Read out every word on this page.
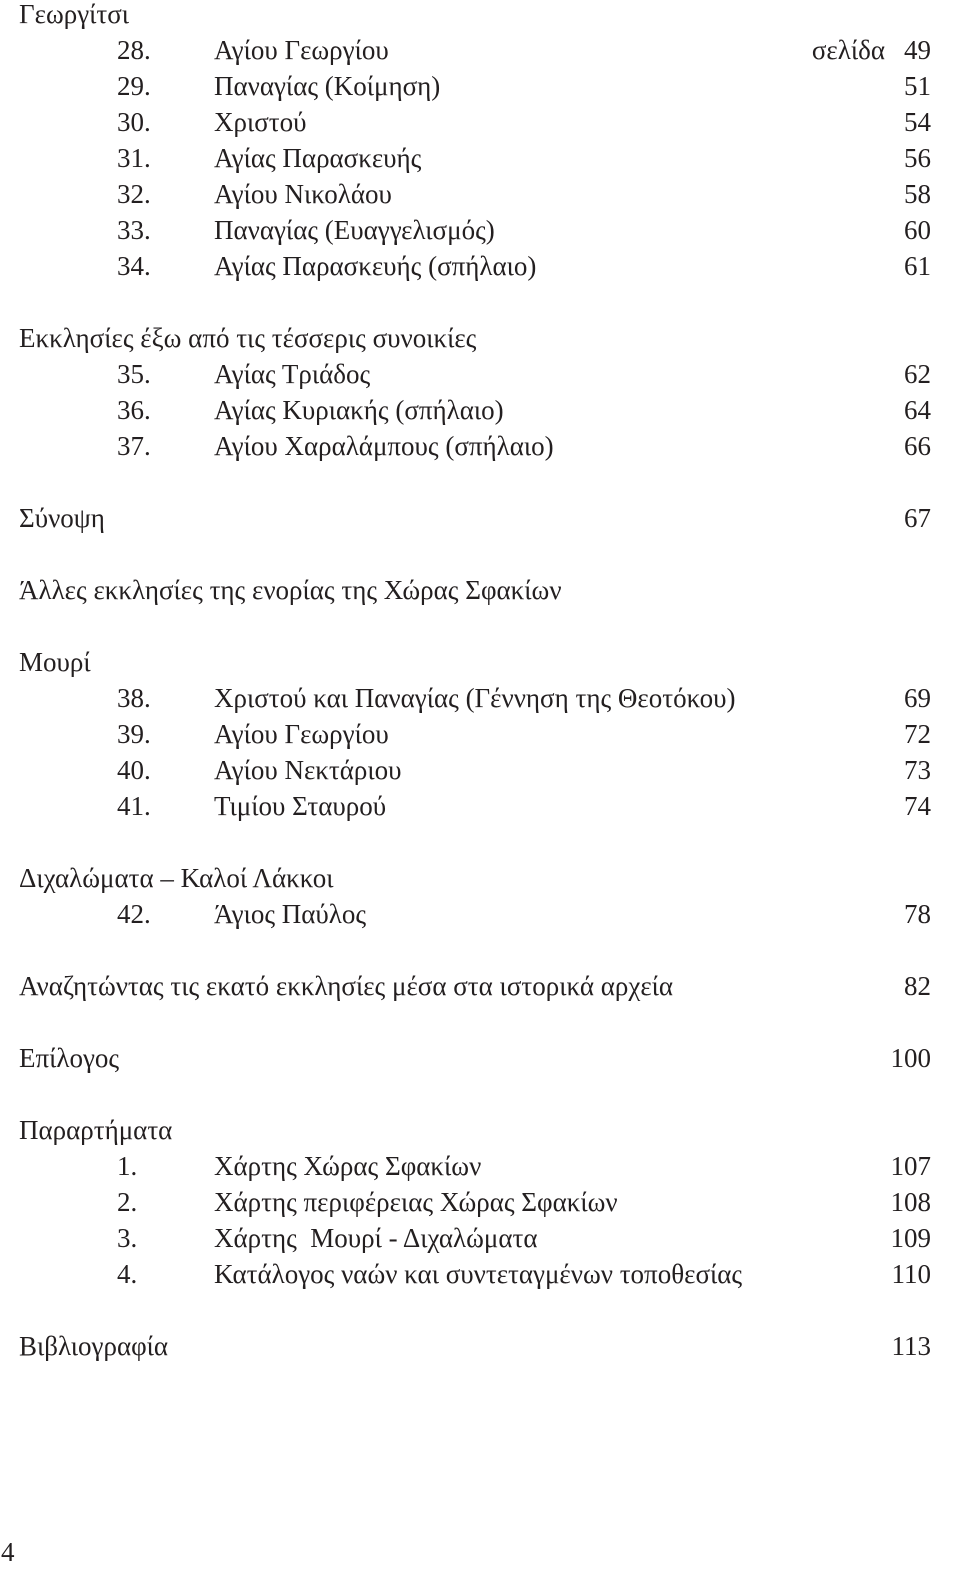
Γεωργίτσι
28. Αγίου Γεωργίου	σελίδα 49
29. Παναγίας (Κοίμηση)	51
30. Χριστού	54
31. Αγίας Παρασκευής	56
32. Αγίου Νικολάου	58
33. Παναγίας (Ευαγγελισμός)	60
34. Αγίας Παρασκευής (σπήλαιο)	61
Εκκλησίες έξω από τις τέσσερις συνοικίες
35. Αγίας Τριάδος	62
36. Αγίας Κυριακής (σπήλαιο)	64
37. Αγίου Χαραλάμπους (σπήλαιο)	66
Σύνοψη	67
Άλλες εκκλησίες της ενορίας της Χώρας Σφακίων
Μουρί
38. Χριστού και Παναγίας (Γέννηση της Θεοτόκου)	69
39. Αγίου Γεωργίου	72
40. Αγίου Νεκτάριου	73
41. Τιμίου Σταυρού	74
Διχαλώματα – Καλοί Λάκκοι
42. Άγιος Παύλος	78
Αναζητώντας τις εκατό εκκλησίες μέσα στα ιστορικά αρχεία	82
Επίλογος	100
Παραρτήματα
1.	Χάρτης Χώρας Σφακίων	107
2.	Χάρτης περιφέρειας Χώρας Σφακίων	108
3.	Χάρτης  Μουρί - Διχαλώματα	109
4.	Κατάλογος ναών και συντεταγμένων τοποθεσίας	110
Βιβλιογραφία	113
4
